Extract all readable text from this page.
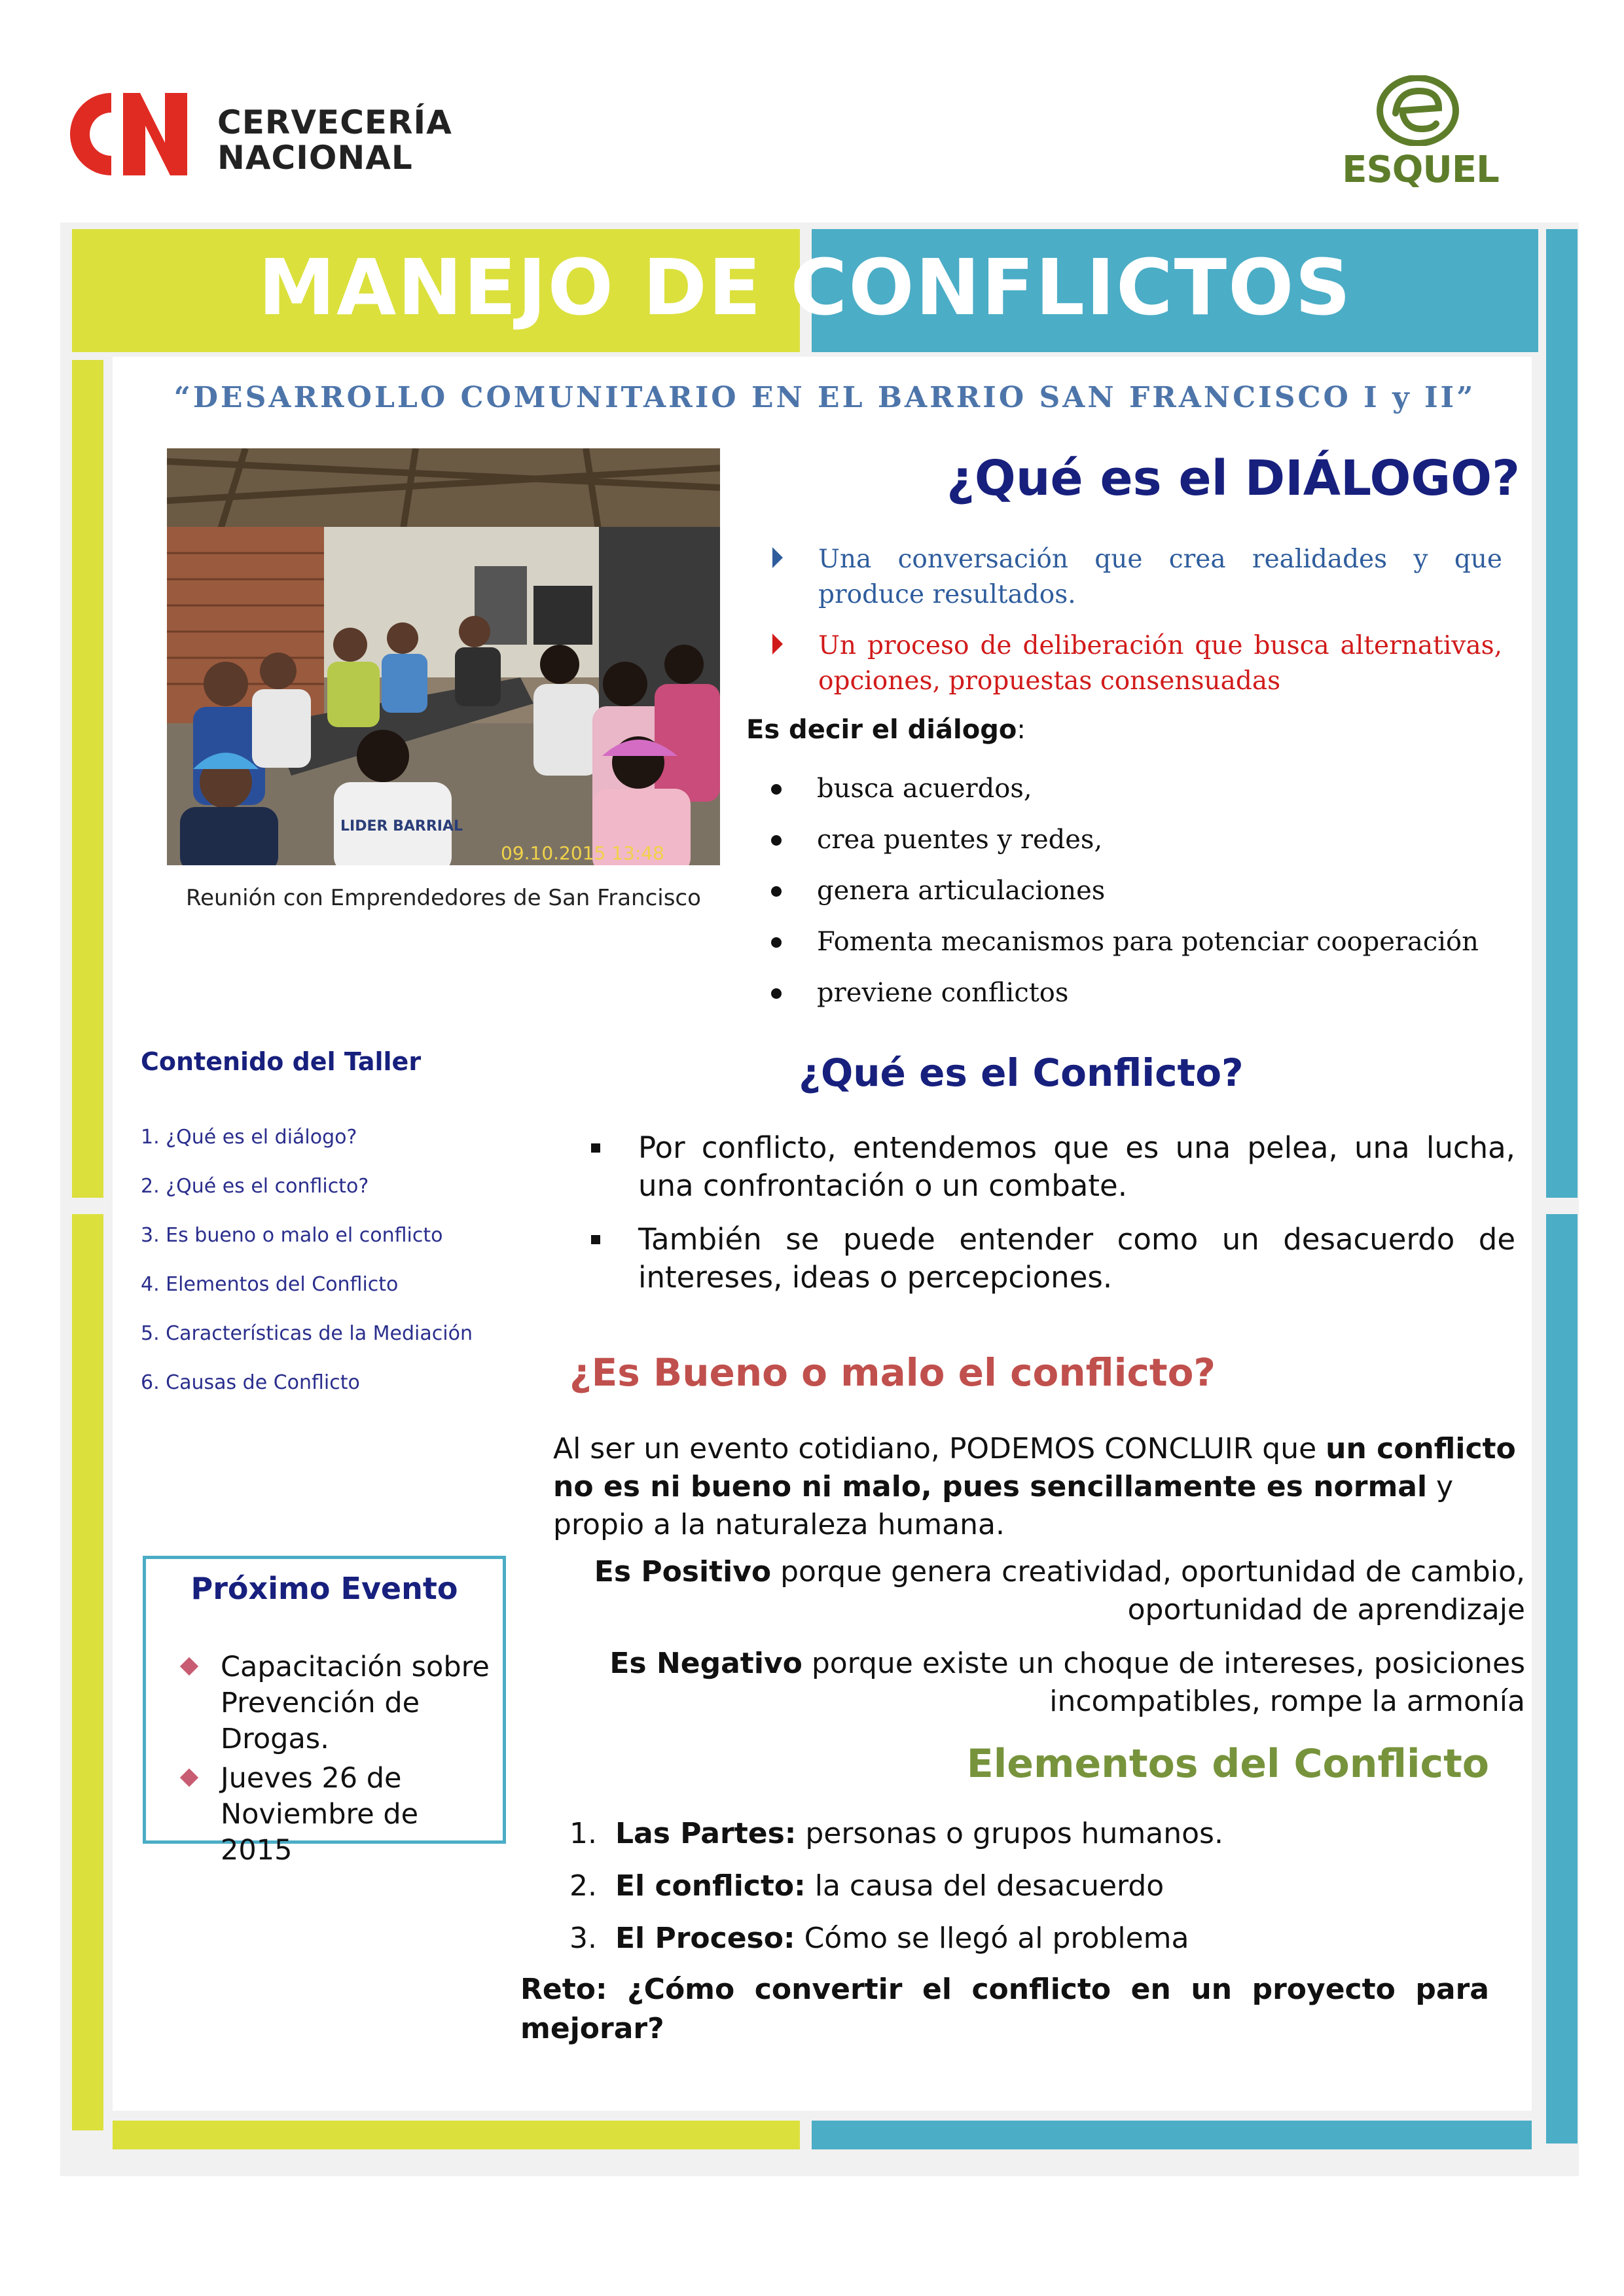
CERVECERÍA
NACIONAL	ESQUEL
MANEJO DE CONFLICTOS
“DESARROLLO COMUNITARIO EN EL BARRIO SAN FRANCISCO I y II”
LIDER BARRIAL
09.10.2015 13:48
Reunión con Emprendedores de San Francisco
¿Qué es el DIÁLOGO?
Una conversación que crea realidades y que produce resultados.
Un proceso de deliberación que busca alternativas, opciones, propuestas consensuadas
Es decir el diálogo:
busca acuerdos,
crea puentes y redes,
genera articulaciones
Fomenta mecanismos para potenciar cooperación
previene conflictos
Contenido del Taller
1. ¿Qué es el diálogo?
2. ¿Qué es el conflicto?
3. Es bueno o malo el conflicto
4. Elementos del Conflicto
5. Características de la Mediación
6. Causas de Conflicto
¿Qué es el Conflicto?
Por conflicto, entendemos que es una pelea, una lucha, una confrontación o un combate.
También se puede entender como un desacuerdo de intereses, ideas o percepciones.
¿Es Bueno o malo el conflicto?

Al ser un evento cotidiano, PODEMOS CONCLUIR que un conflicto no es ni bueno ni malo, pues sencillamente es normal y propio a la naturaleza humana.

Es Positivo porque genera creatividad, oportunidad de cambio, oportunidad de aprendizaje

Es Negativo porque existe un choque de intereses, posiciones incompatibles, rompe la armonía

Próximo Evento
Capacitación sobre Prevención de Drogas.
Jueves 26 de Noviembre de 2015
Elementos del Conflicto
1. Las Partes: personas o grupos humanos.
2. El conflicto: la causa del desacuerdo
3. El Proceso: Cómo se llegó al problema

Reto: ¿Cómo convertir el conflicto en un proyecto para mejorar?
